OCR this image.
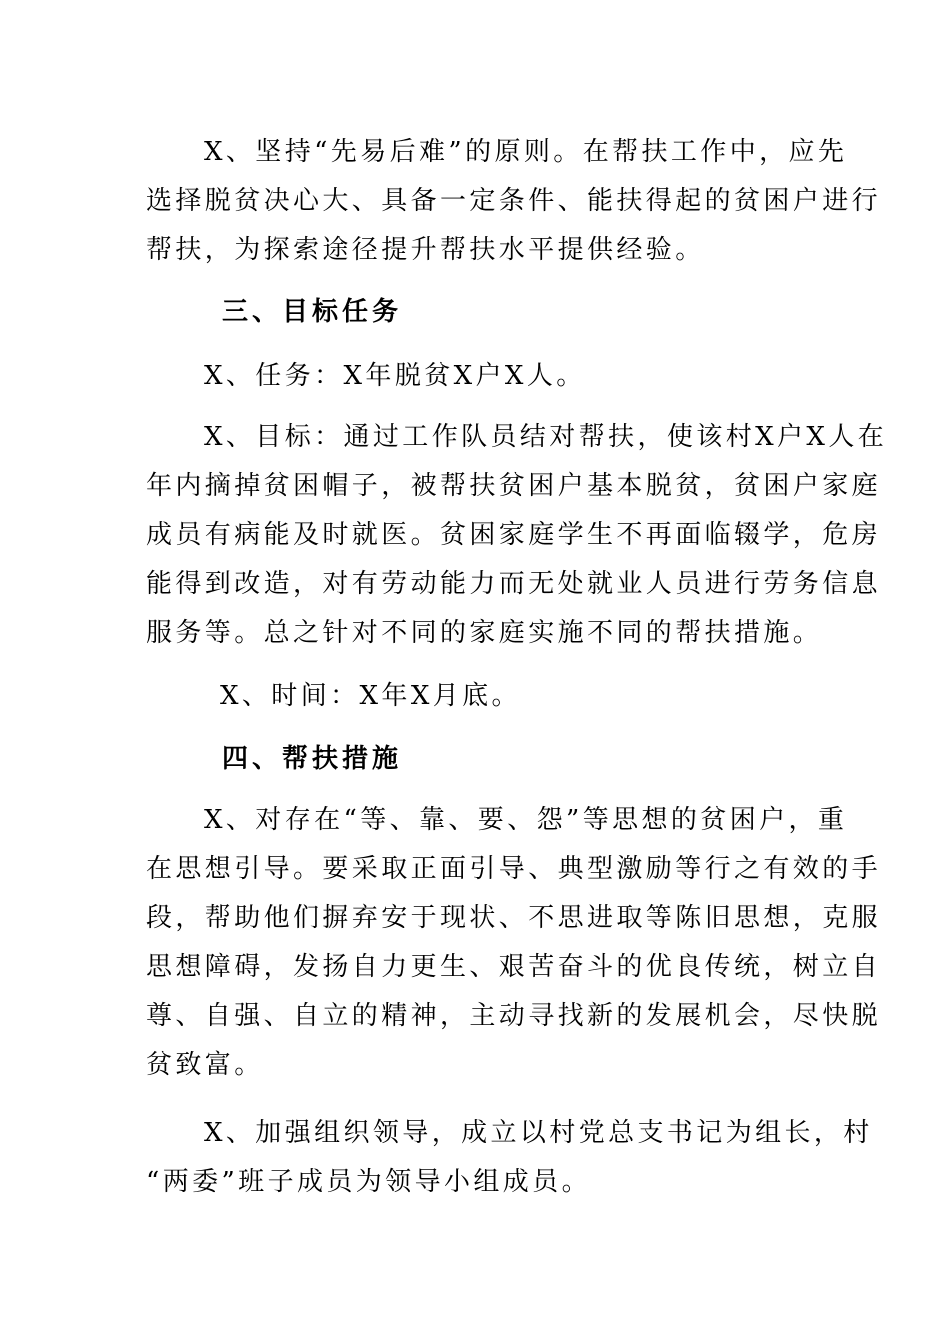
X、坚持“先易后难”的原则。在帮扶工作中，应先
选择脱贫决心大、具备一定条件、能扶得起的贫困户进行
帮扶，为探索途径提升帮扶水平提供经验。
三、目标任务
X、任务：X年脱贫X户X人。
X、目标：通过工作队员结对帮扶，使该村X户X人在
年内摘掉贫困帽子，被帮扶贫困户基本脱贫，贫困户家庭
成员有病能及时就医。贫困家庭学生不再面临辍学，危房
能得到改造，对有劳动能力而无处就业人员进行劳务信息
服务等。总之针对不同的家庭实施不同的帮扶措施。
X、时间：X年X月底。
四、帮扶措施
X、对存在“等、靠、要、怨”等思想的贫困户，重
在思想引导。要采取正面引导、典型激励等行之有效的手
段，帮助他们摒弃安于现状、不思进取等陈旧思想，克服
思想障碍，发扬自力更生、艰苦奋斗的优良传统，树立自
尊、自强、自立的精神，主动寻找新的发展机会，尽快脱
贫致富。
X、加强组织领导，成立以村党总支书记为组长，村
“两委”班子成员为领导小组成员。
